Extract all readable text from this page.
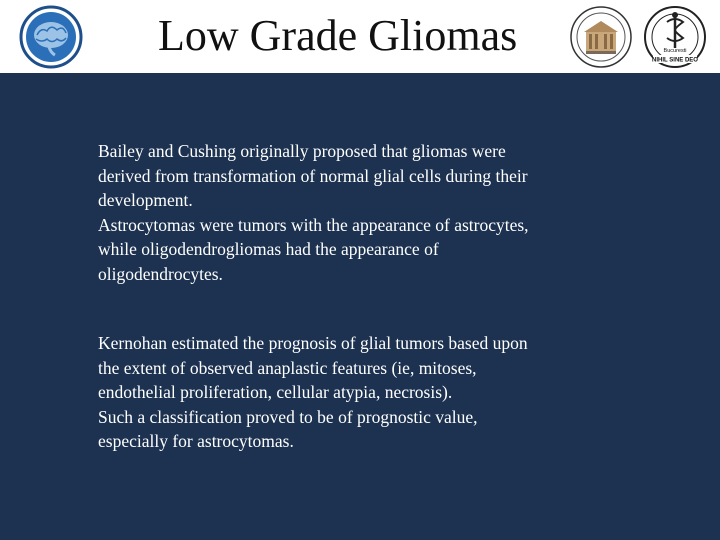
Low Grade Gliomas	Bucuresti
NIHIL SINE DEO
Bailey and Cushing originally proposed that gliomas were
derived from transformation of normal glial cells during their
development.
Astrocytomas were tumors with the appearance of astrocytes,
while oligodendrogliomas had the appearance of
oligodendrocytes.
Kernohan estimated the prognosis of glial tumors based upon
the extent of observed anaplastic features (ie, mitoses,
endothelial proliferation, cellular atypia, necrosis).
Such a classification proved to be of prognostic value,
especially for astrocytomas.
